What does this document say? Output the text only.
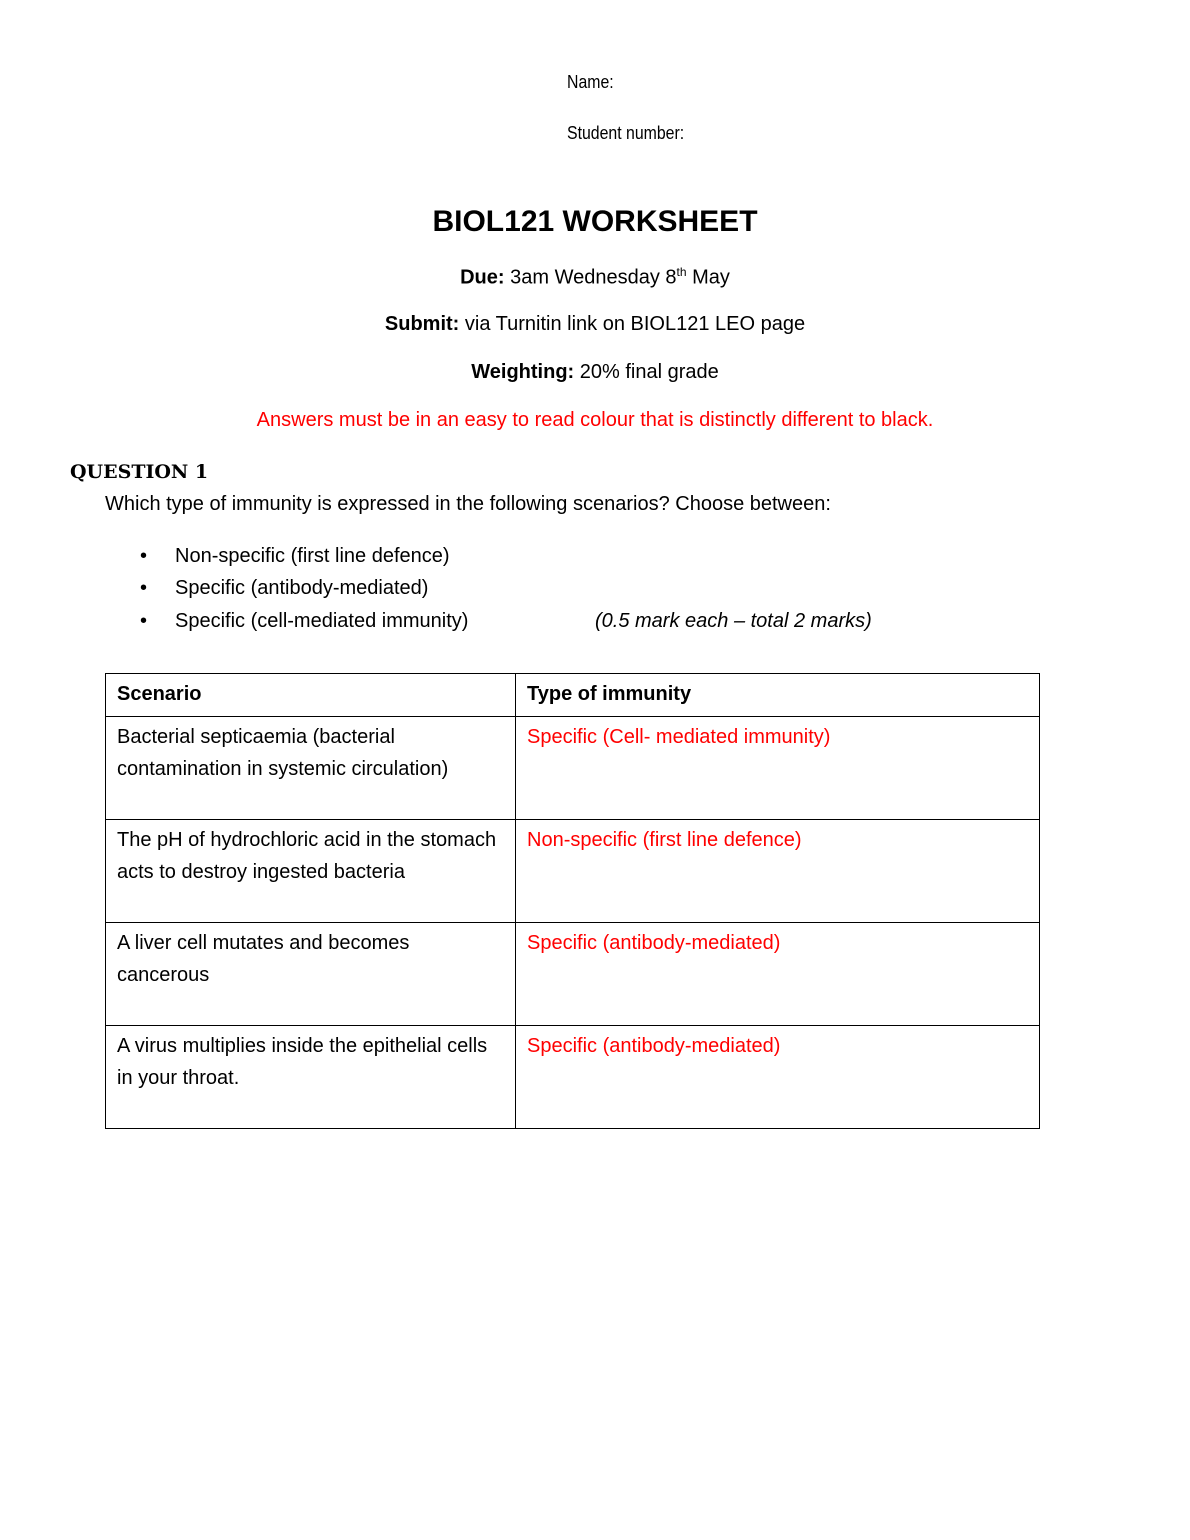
Name:
Student number:
BIOL121 WORKSHEET
Due: 3am Wednesday 8th May
Submit: via Turnitin link on BIOL121 LEO page
Weighting: 20% final grade
Answers must be in an easy to read colour that is distinctly different to black.
QUESTION 1
Which type of immunity is expressed in the following scenarios? Choose between:
• Non-specific (first line defence)
• Specific (antibody-mediated)
• Specific (cell-mediated immunity)	(0.5 mark each – total 2 marks)
Scenario	Type of immunity
Bacterial septicaemia (bacterial contamination in systemic circulation)	Specific (Cell- mediated immunity)
The pH of hydrochloric acid in the stomach acts to destroy ingested bacteria	Non-specific (first line defence)
A liver cell mutates and becomes cancerous	Specific (antibody-mediated)
A virus multiplies inside the epithelial cells in your throat.	Specific (antibody-mediated)
